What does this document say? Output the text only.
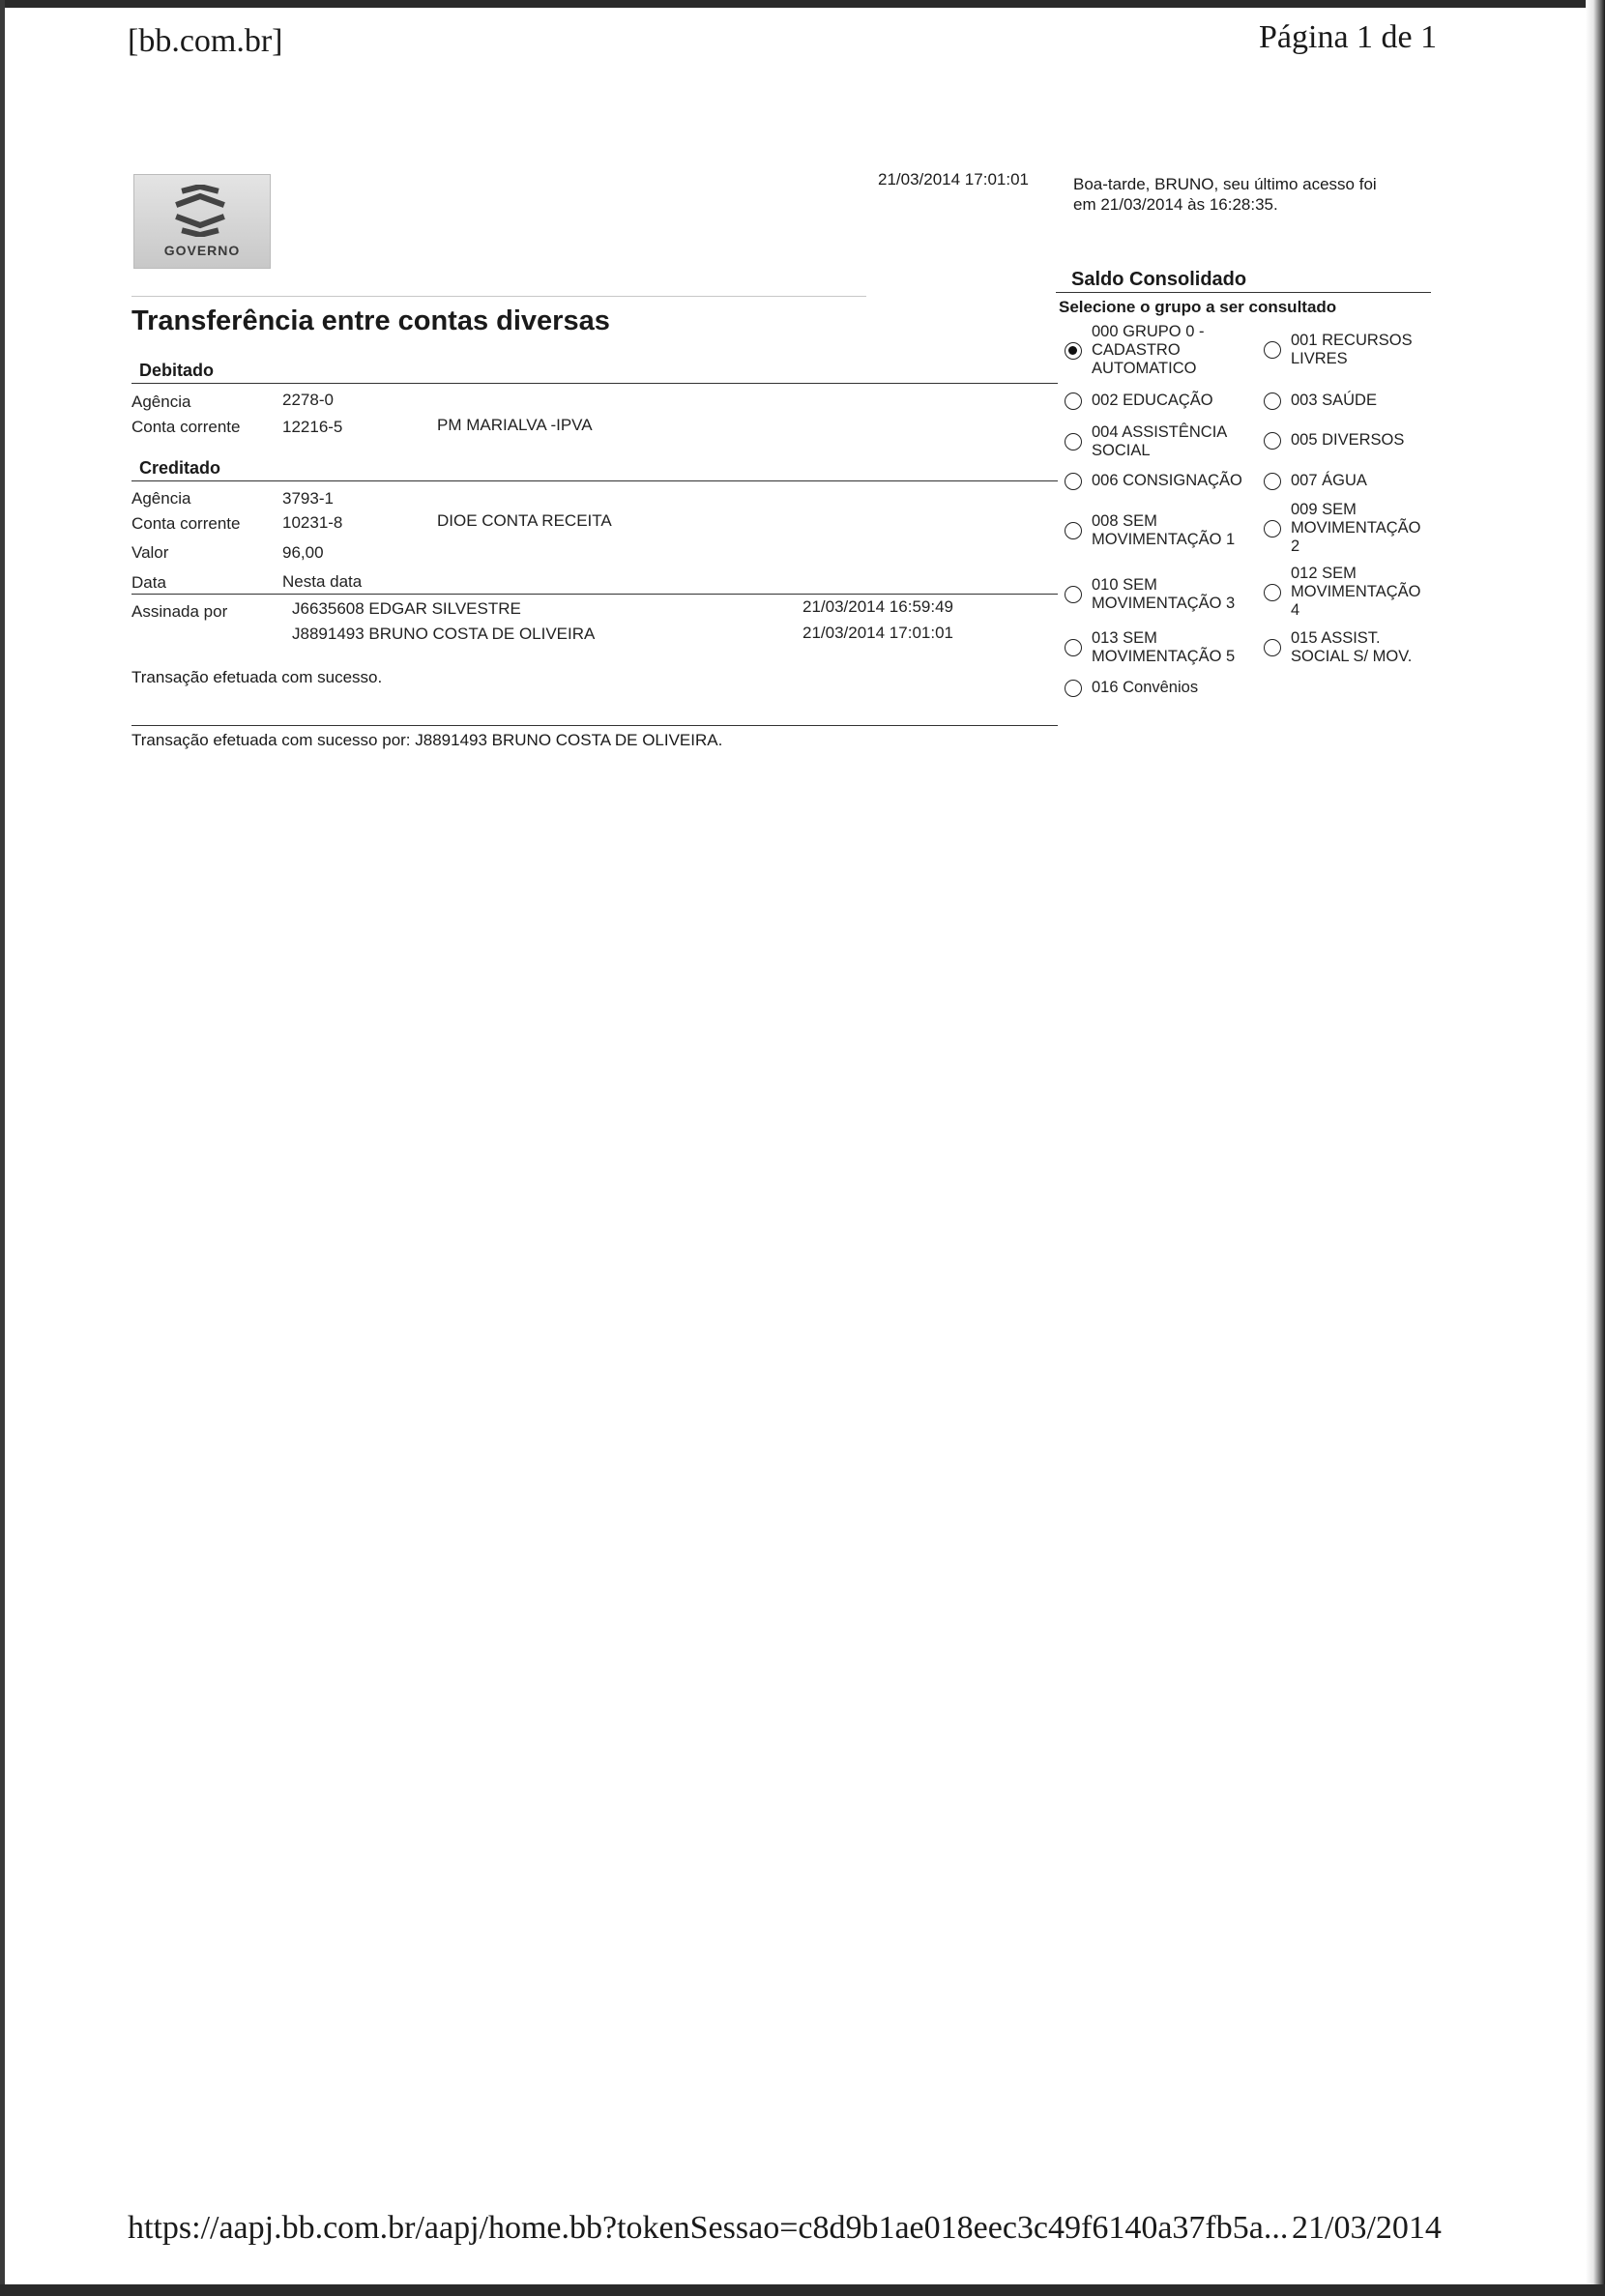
[bb.com.br]	Página 1 de 1
https://aapj.bb.com.br/aapj/home.bb?tokenSessao=c8d9b1ae018eec3c49f6140a37fb5a... 21/03/2014
GOVERNO
21/03/2014 17:01:01	Boa-tarde, BRUNO, seu último acesso foi
em 21/03/2014 às 16:28:35.
Transferência entre contas diversas
Debitado
Agência	2278-0
Conta corrente	12216-5	PM MARIALVA -IPVA
Creditado
Agência	3793-1
Conta corrente	10231-8	DIOE CONTA RECEITA
Valor	96,00
Data	Nesta data
Assinada por	J6635608 EDGAR SILVESTRE	21/03/2014 16:59:49
J8891493 BRUNO COSTA DE OLIVEIRA	21/03/2014 17:01:01
Transação efetuada com sucesso.
Transação efetuada com sucesso por: J8891493 BRUNO COSTA DE OLIVEIRA.
Saldo Consolidado
Selecione o grupo a ser consultado
000 GRUPO 0 -
CADASTRO
AUTOMATICO
001 RECURSOS
LIVRES
002 EDUCAÇÃO	003 SAÚDE
004 ASSISTÊNCIA
SOCIAL
005 DIVERSOS
006 CONSIGNAÇÃO	007 ÁGUA
008 SEM
MOVIMENTAÇÃO 1
009 SEM
MOVIMENTAÇÃO
2
010 SEM
MOVIMENTAÇÃO 3
012 SEM
MOVIMENTAÇÃO
4
013 SEM
MOVIMENTAÇÃO 5
015 ASSIST.
SOCIAL S/ MOV.
016 Convênios
